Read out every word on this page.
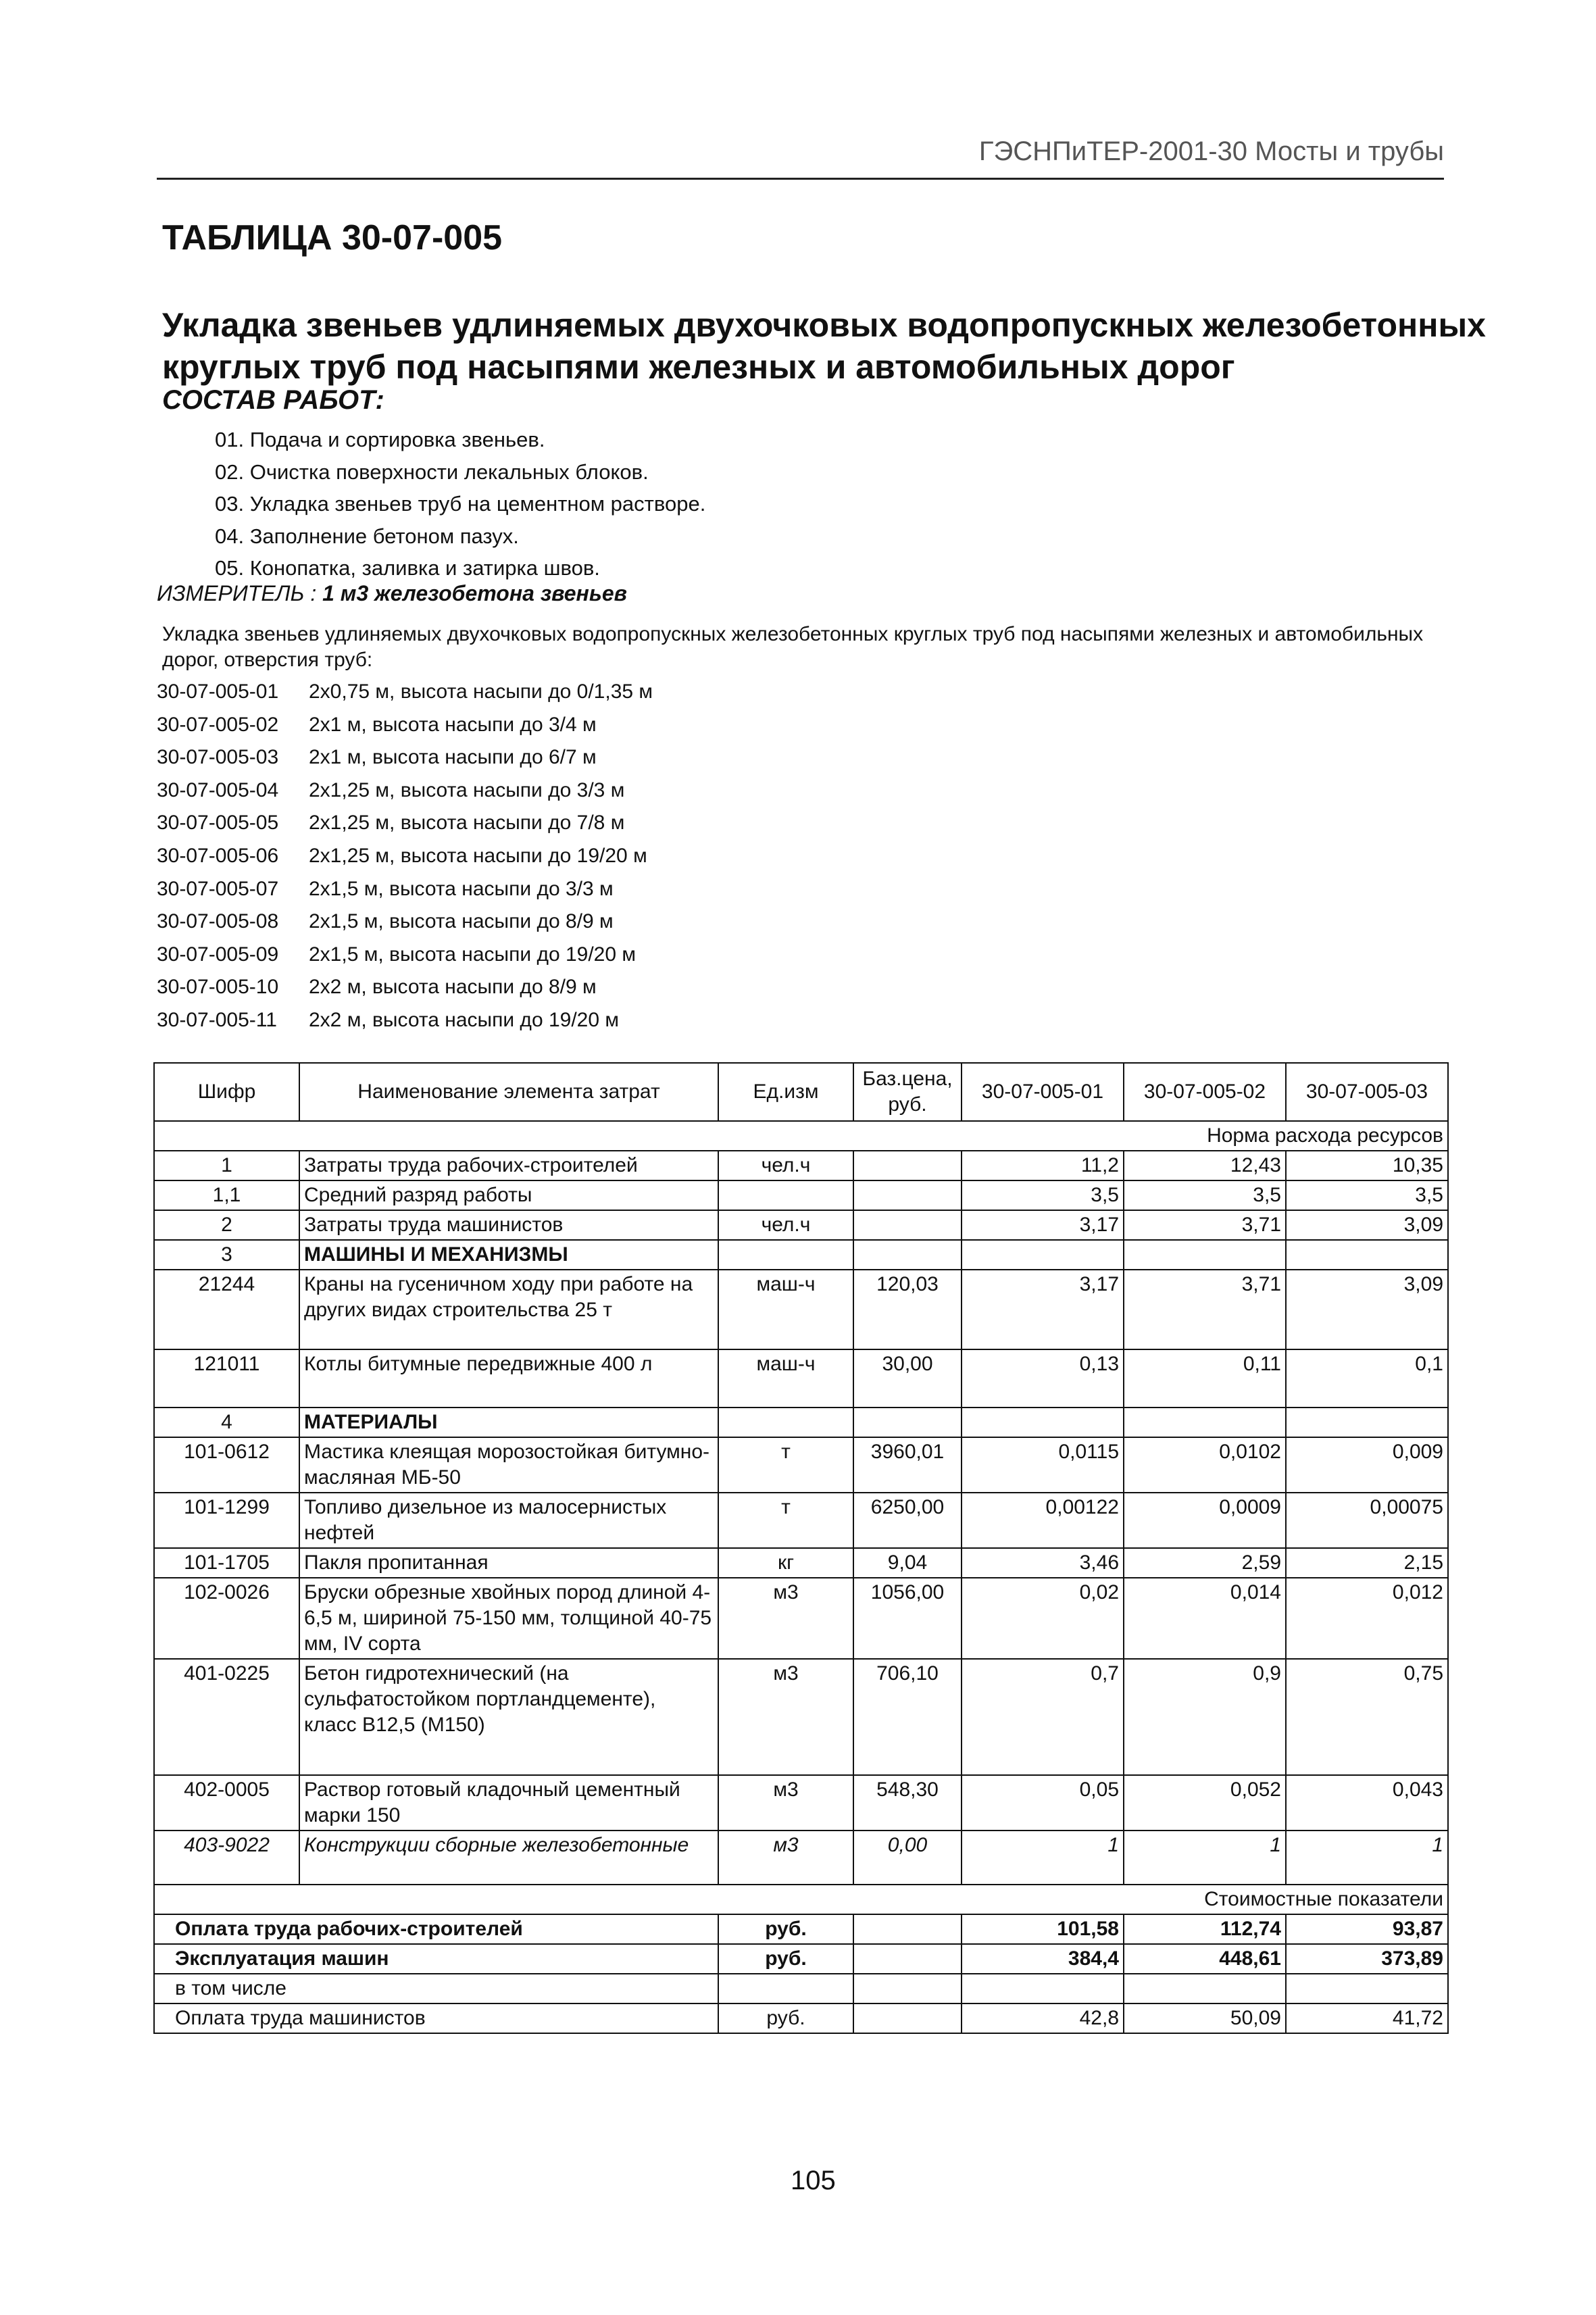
ГЭСНПиТЕР-2001-30 Мосты и трубы
ТАБЛИЦА 30-07-005
Укладка звеньев удлиняемых двухочковых водопропускных железобетонных круглых труб под насыпями железных и автомобильных дорог
СОСТАВ РАБОТ:
01. Подача и сортировка звеньев.
02. Очистка поверхности лекальных блоков.
03. Укладка звеньев труб на цементном растворе.
04. Заполнение бетоном пазух.
05. Конопатка, заливка и затирка швов.
ИЗМЕРИТЕЛЬ : 1 м3 железобетона звеньев
Укладка звеньев удлиняемых двухочковых водопропускных железобетонных круглых труб под насыпями железных и автомобильных дорог, отверстия труб:
30-07-005-01 2х0,75 м, высота насыпи до 0/1,35 м
30-07-005-02 2х1 м, высота насыпи до 3/4 м
30-07-005-03 2х1 м, высота насыпи до 6/7 м
30-07-005-04 2х1,25 м, высота насыпи до 3/3 м
30-07-005-05 2х1,25 м, высота насыпи до 7/8 м
30-07-005-06 2х1,25 м, высота насыпи до 19/20 м
30-07-005-07 2х1,5 м, высота насыпи до 3/3 м
30-07-005-08 2х1,5 м, высота насыпи до 8/9 м
30-07-005-09 2х1,5 м, высота насыпи до 19/20 м
30-07-005-10 2х2 м, высота насыпи до 8/9 м
30-07-005-11 2х2 м, высота насыпи до 19/20 м
Шифр	Наименование элемента затрат	Ед.изм	Баз.цена, руб.	30-07-005-01	30-07-005-02	30-07-005-03
Норма расхода ресурсов						
1	Затраты труда рабочих-строителей	чел.ч		11,2	12,43	10,35
1,1	Средний разряд работы			3,5	3,5	3,5
2	Затраты труда машинистов	чел.ч		3,17	3,71	3,09
3	МАШИНЫ И МЕХАНИЗМЫ					
21244	Краны на гусеничном ходу при работе на других видах строительства 25 т	маш-ч	120,03	3,17	3,71	3,09
121011	Котлы битумные передвижные 400 л	маш-ч	30,00	0,13	0,11	0,1
4	МАТЕРИАЛЫ					
101-0612	Мастика клеящая морозостойкая битумно-масляная МБ-50	т	3960,01	0,0115	0,0102	0,009
101-1299	Топливо дизельное из малосернистых нефтей	т	6250,00	0,00122	0,0009	0,00075
101-1705	Пакля пропитанная	кг	9,04	3,46	2,59	2,15
102-0026	Бруски обрезные хвойных пород длиной 4-6,5 м, шириной 75-150 мм, толщиной 40-75 мм, IV сорта	м3	1056,00	0,02	0,014	0,012
401-0225	Бетон гидротехнический (на сульфатостойком портландцементе), класс В12,5 (М150)	м3	706,10	0,7	0,9	0,75
402-0005	Раствор готовый кладочный цементный марки 150	м3	548,30	0,05	0,052	0,043
403-9022	Конструкции сборные железобетонные	м3	0,00	1	1	1
Стоимостные показатели						
Оплата труда рабочих-строителей		руб.		101,58	112,74	93,87
Эксплуатация машин		руб.		384,4	448,61	373,89
в том числе						
Оплата труда машинистов		руб.		42,8	50,09	41,72
105
